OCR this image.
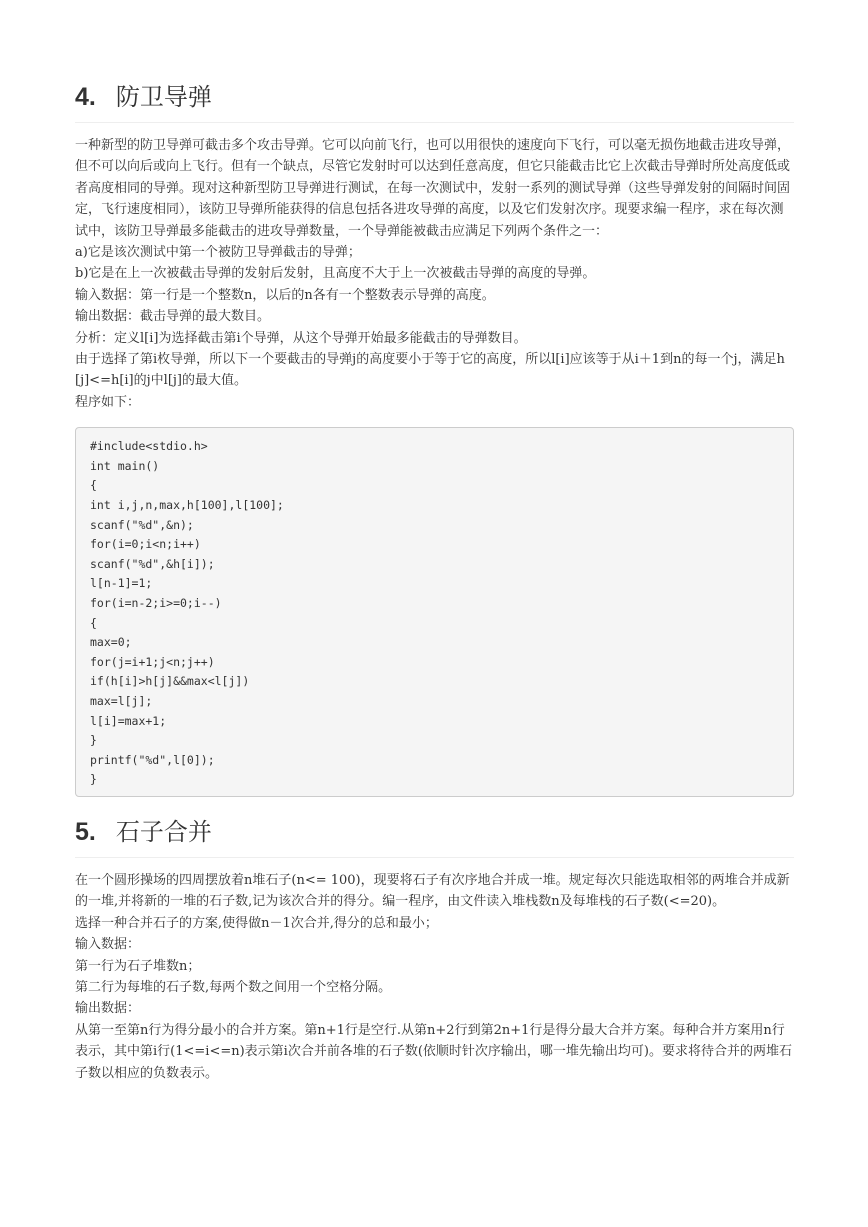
4. 防卫导弹

一种新型的防卫导弹可截击多个攻击导弹。它可以向前飞行，也可以用很快的速度向下飞行，可以毫无损伤地截击进攻导弹，但不可以向后或向上飞行。但有一个缺点，尽管它发射时可以达到任意高度，但它只能截击比它上次截击导弹时所处高度低或者高度相同的导弹。现对这种新型防卫导弹进行测试，在每一次测试中，发射一系列的测试导弹（这些导弹发射的间隔时间固定，飞行速度相同），该防卫导弹所能获得的信息包括各进攻导弹的高度，以及它们发射次序。现要求编一程序，求在每次测试中，该防卫导弹最多能截击的进攻导弹数量，一个导弹能被截击应满足下列两个条件之一：

a)它是该次测试中第一个被防卫导弹截击的导弹；

b)它是在上一次被截击导弹的发射后发射，且高度不大于上一次被截击导弹的高度的导弹。

输入数据：第一行是一个整数n，以后的n各有一个整数表示导弹的高度。

输出数据：截击导弹的最大数目。

分析：定义l[i]为选择截击第i个导弹，从这个导弹开始最多能截击的导弹数目。

由于选择了第i枚导弹，所以下一个要截击的导弹j的高度要小于等于它的高度，所以l[i]应该等于从i＋1到n的每一个j，满足h[j]<=h[i]的j中l[j]的最大值。

程序如下：

#include<stdio.h>
int main()
{
int i,j,n,max,h[100],l[100];
scanf("%d",&n);
for(i=0;i<n;i++)
scanf("%d",&h[i]);
l[n-1]=1;
for(i=n-2;i>=0;i--)
{
max=0;
for(j=i+1;j<n;j++)
if(h[i]>h[j]&&max<l[j])
max=l[j];
l[i]=max+1;
}
printf("%d",l[0]);
}
5. 石子合并

在一个圆形操场的四周摆放着n堆石子(n<= 100)，现要将石子有次序地合并成一堆。规定每次只能选取相邻的两堆合并成新的一堆,并将新的一堆的石子数,记为该次合并的得分。编一程序，由文件读入堆栈数n及每堆栈的石子数(<=20)。

选择一种合并石子的方案,使得做n－1次合并,得分的总和最小；

输入数据：

第一行为石子堆数n；

第二行为每堆的石子数,每两个数之间用一个空格分隔。

输出数据：

从第一至第n行为得分最小的合并方案。第n+1行是空行.从第n+2行到第2n+1行是得分最大合并方案。每种合并方案用n行表示，其中第i行(1<=i<=n)表示第i次合并前各堆的石子数(依顺时针次序输出，哪一堆先输出均可)。要求将待合并的两堆石子数以相应的负数表示。
